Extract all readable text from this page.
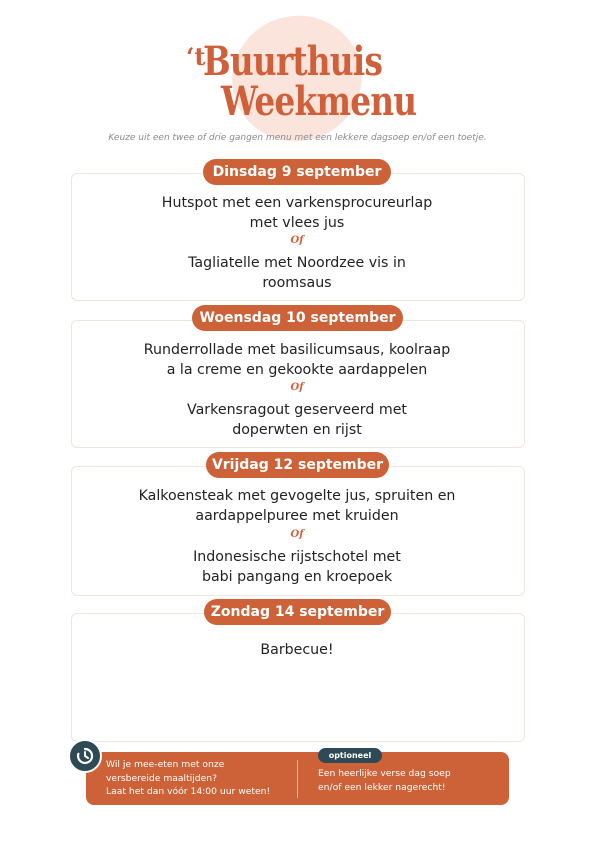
‘t
Buurthuis
Weekmenu
Keuze uit een twee of drie gangen menu met een lekkere dagsoep en/of een toetje.
Dinsdag 9 september
Hutspot met een varkensprocureurlap
met vlees jus
Of
Tagliatelle met Noordzee vis in
roomsaus
Woensdag 10 september
Runderrollade met basilicumsaus, koolraap
a la creme en gekookte aardappelen
Of
Varkensragout geserveerd met
doperwten en rijst
Vrijdag 12 september
Kalkoensteak met gevogelte jus, spruiten en
aardappelpuree met kruiden
Of
Indonesische rijstschotel met
babi pangang en kroepoek
Zondag 14 september
Barbecue!
Wil je mee-eten met onze
versbereide maaltijden?
Laat het dan vóór 14:00 uur weten!
optioneel
Een heerlijke verse dag soep
en/of een lekker nagerecht!
